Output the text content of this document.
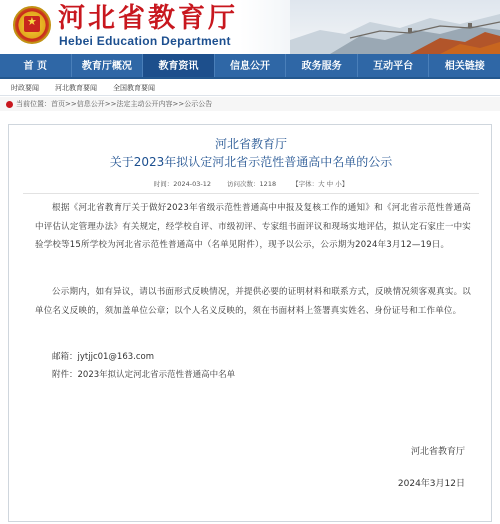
★ 河北省教育厅
Hebei Education Department
首 页	教育厅概况	教育资讯	信息公开	政务服务	互动平台	相关链接
时政要闻 河北教育要闻 全国教育要闻
当前位置：首页>>信息公开>>法定主动公开内容>>公示公告
河北省教育厅
关于2023年拟认定河北省示范性普通高中名单的公示
时间：2024-03-12 访问次数：1218 【字体：大 中 小】

根据《河北省教育厅关于做好2023年省级示范性普通高中申报及复核工作的通知》和《河北省示范性普通高中评估认定管理办法》有关规定，经学校自评、市级初评、专家组书面评议和现场实地评估，拟认定石家庄一中实验学校等15所学校为河北省示范性普通高中（名单见附件），现予以公示，公示期为2024年3月12—19日。

公示期内，如有异议，请以书面形式反映情况，并提供必要的证明材料和联系方式，反映情况须客观真实。以单位名义反映的，须加盖单位公章；以个人名义反映的，须在书面材料上签署真实姓名、身份证号和工作单位。

邮箱：jytjjc01@163.com
附件：2023年拟认定河北省示范性普通高中名单
河北省教育厅
2024年3月12日
